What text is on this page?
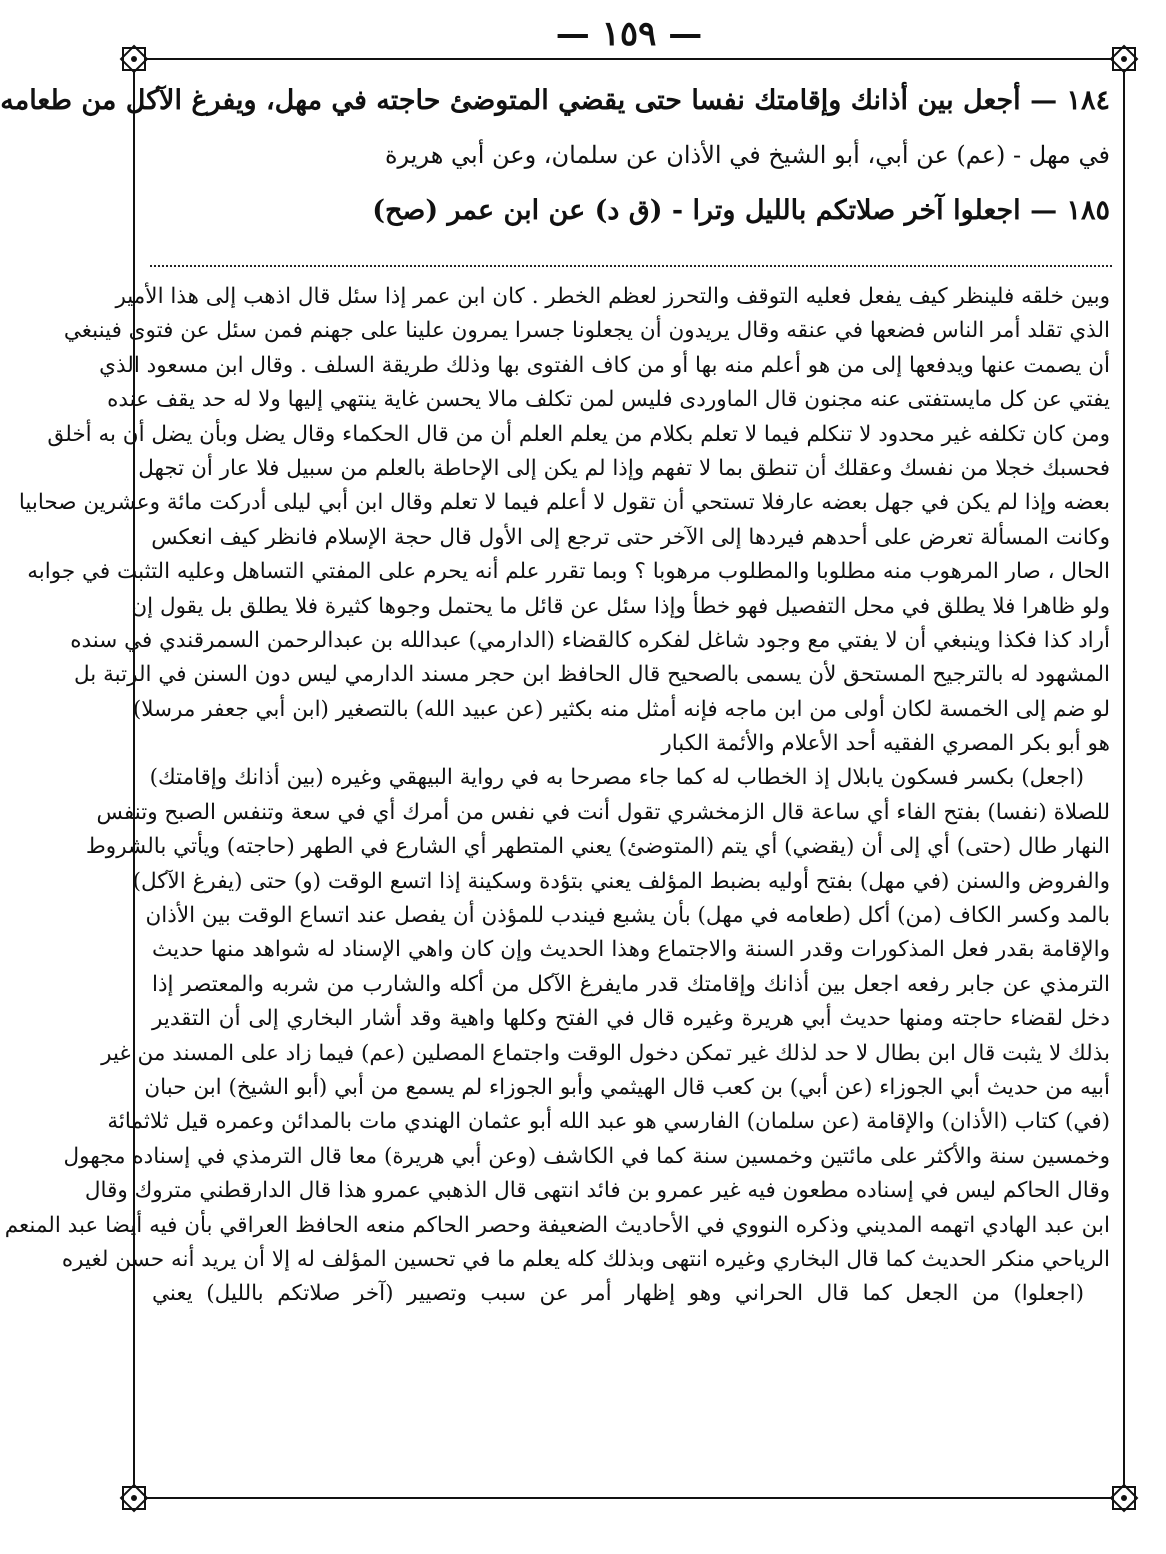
— ١٥٩ —
١٨٤ — أجعل بين أذانك وإقامتك نفسا حتى يقضي المتوضئ حاجته في مهل، ويفرغ الآكل من طعامه
في مهل - (عم) عن أبي، أبو الشيخ في الأذان عن سلمان، وعن أبي هريرة
١٨٥ — اجعلوا آخر صلاتكم بالليل وترا - (ق د) عن ابن عمر (صح)
وبين خلقه فلينظر كيف يفعل فعليه التوقف والتحرز لعظم الخطر . كان ابن عمر إذا سئل قال اذهب إلى هذا الأمير
الذي تقلد أمر الناس فضعها في عنقه وقال يريدون أن يجعلونا جسرا يمرون علينا على جهنم فمن سئل عن فتوى فينبغي
أن يصمت عنها ويدفعها إلى من هو أعلم منه بها أو من كاف الفتوى بها وذلك طريقة السلف . وقال ابن مسعود الذي
يفتي عن كل مايستفتى عنه مجنون قال الماوردى فليس لمن تكلف مالا يحسن غاية ينتهي إليها ولا له حد يقف عنده
ومن كان تكلفه غير محدود لا تنكلم فيما لا تعلم بكلام من يعلم العلم أن من قال الحكماء وقال يضل وبأن يضل أن به أخلق
فحسبك خجلا من نفسك وعقلك أن تنطق بما لا تفهم وإذا لم يكن إلى الإحاطة بالعلم من سبيل فلا عار أن تجهل
بعضه وإذا لم يكن في جهل بعضه عارفلا تستحي أن تقول لا أعلم فيما لا تعلم وقال ابن أبي ليلى أدركت مائة وعشرين صحابيا
وكانت المسألة تعرض على أحدهم فيردها إلى الآخر حتى ترجع إلى الأول قال حجة الإسلام فانظر كيف انعكس
الحال ، صار المرهوب منه مطلوبا والمطلوب مرهوبا ؟ وبما تقرر علم أنه يحرم على المفتي التساهل وعليه التثبت في جوابه
ولو ظاهرا فلا يطلق في محل التفصيل فهو خطأ وإذا سئل عن قائل ما يحتمل وجوها كثيرة فلا يطلق بل يقول إن
أراد كذا فكذا وينبغي أن لا يفتي مع وجود شاغل لفكره كالقضاء (الدارمي) عبدالله بن عبدالرحمن السمرقندي في سنده
المشهود له بالترجيح المستحق لأن يسمى بالصحيح قال الحافظ ابن حجر مسند الدارمي ليس دون السنن في الرتبة بل
لو ضم إلى الخمسة لكان أولى من ابن ماجه فإنه أمثل منه بكثير (عن عبيد الله) بالتصغير (ابن أبي جعفر مرسلا)
هو أبو بكر المصري الفقيه أحد الأعلام والأئمة الكبار
(اجعل) بكسر فسكون يابلال إذ الخطاب له كما جاء مصرحا به في رواية البيهقي وغيره (بين أذانك وإقامتك)
للصلاة (نفسا) بفتح الفاء أي ساعة قال الزمخشري تقول أنت في نفس من أمرك أي في سعة وتنفس الصبح وتنفس
النهار طال (حتى) أي إلى أن (يقضي) أي يتم (المتوضئ) يعني المتطهر أي الشارع في الطهر (حاجته) ويأتي بالشروط
والفروض والسنن (في مهل) بفتح أوليه بضبط المؤلف يعني بتؤدة وسكينة إذا اتسع الوقت (و) حتى (يفرغ الآكل)
بالمد وكسر الكاف (من) أكل (طعامه في مهل) بأن يشبع فيندب للمؤذن أن يفصل عند اتساع الوقت بين الأذان
والإقامة بقدر فعل المذكورات وقدر السنة والاجتماع وهذا الحديث وإن كان واهي الإسناد له شواهد منها حديث
الترمذي عن جابر رفعه اجعل بين أذانك وإقامتك قدر مايفرغ الآكل من أكله والشارب من شربه والمعتصر إذا
دخل لقضاء حاجته ومنها حديث أبي هريرة وغيره قال في الفتح وكلها واهية وقد أشار البخاري إلى أن التقدير
بذلك لا يثبت قال ابن بطال لا حد لذلك غير تمكن دخول الوقت واجتماع المصلين (عم) فيما زاد على المسند من غير
أبيه من حديث أبي الجوزاء (عن أبي) بن كعب قال الهيثمي وأبو الجوزاء لم يسمع من أبي (أبو الشيخ) ابن حبان
(في) كتاب (الأذان) والإقامة (عن سلمان) الفارسي هو عبد الله أبو عثمان الهندي مات بالمدائن وعمره قيل ثلاثمائة
وخمسين سنة والأكثر على مائتين وخمسين سنة كما في الكاشف (وعن أبي هريرة) معا قال الترمذي في إسناده مجهول
وقال الحاكم ليس في إسناده مطعون فيه غير عمرو بن فائد انتهى قال الذهبي عمرو هذا قال الدارقطني متروك وقال
ابن عبد الهادي اتهمه المديني وذكره النووي في الأحاديث الضعيفة وحصر الحاكم منعه الحافظ العراقي بأن فيه أيضا عبد المنعم
الرياحي منكر الحديث كما قال البخاري وغيره انتهى وبذلك كله يعلم ما في تحسين المؤلف له إلا أن يريد أنه حسن لغيره
(اجعلوا) من الجعل كما قال الحراني وهو إظهار أمر عن سبب وتصيير (آخر صلاتكم بالليل) يعني
